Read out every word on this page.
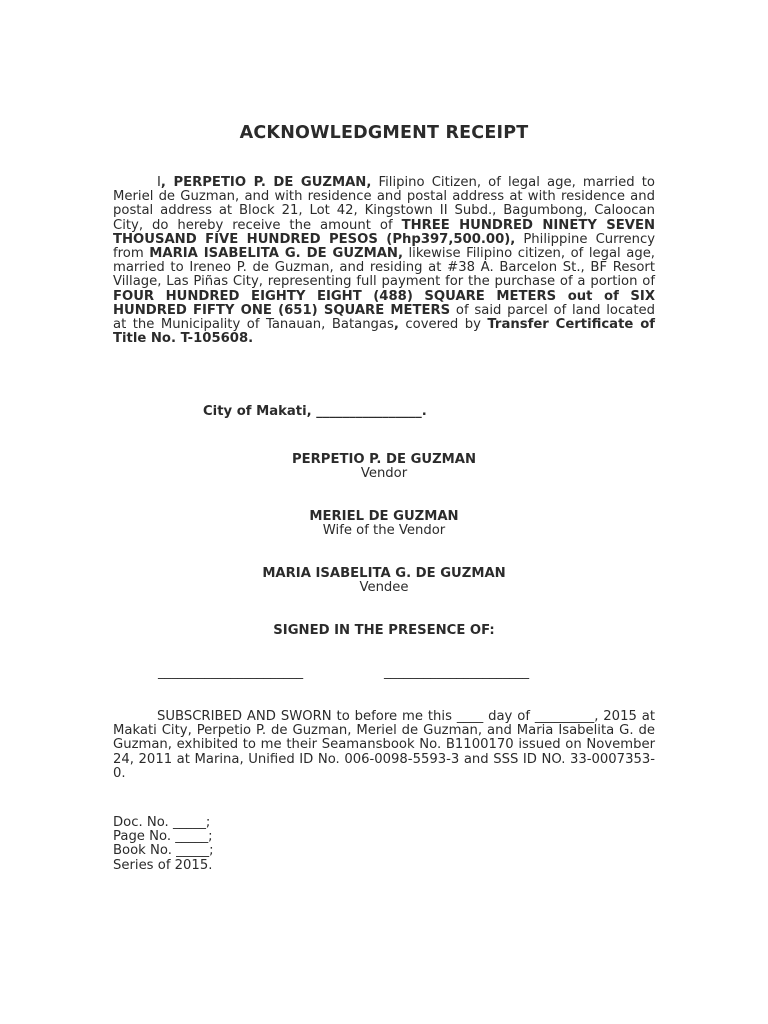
ACKNOWLEDGMENT RECEIPT
I, PERPETIO P. DE GUZMAN, Filipino Citizen, of legal age, married to Meriel de Guzman, and with residence and postal address at with residence and postal address at Block 21, Lot 42, Kingstown II Subd., Bagumbong, Caloocan City, do hereby receive the amount of THREE HUNDRED NINETY SEVEN THOUSAND FIVE HUNDRED PESOS (Php397,500.00), Philippine Currency from MARIA ISABELITA G. DE GUZMAN, likewise Filipino citizen, of legal age, married to Ireneo P. de Guzman, and residing at #38 A. Barcelon St., BF Resort Village, Las Piñas City, representing full payment for the purchase of a portion of FOUR HUNDRED EIGHTY EIGHT (488) SQUARE METERS out of SIX HUNDRED FIFTY ONE (651) SQUARE METERS of said parcel of land located at the Municipality of Tanauan, Batangas, covered by Transfer Certificate of Title No. T-105608.
City of Makati, ________________.
PERPETIO P. DE GUZMAN
Vendor
MERIEL DE GUZMAN
Wife of the Vendor
MARIA ISABELITA G. DE GUZMAN
Vendee
SIGNED IN THE PRESENCE OF:
______________________	______________________
SUBSCRIBED AND SWORN to before me this ____ day of _________, 2015 at Makati City, Perpetio P. de Guzman, Meriel de Guzman, and Maria Isabelita G. de Guzman, exhibited to me their Seamansbook No. B1100170 issued on November 24, 2011 at Marina, Unified ID No. 006-0098-5593-3 and SSS ID NO. 33-0007353-0.
Doc. No. _____;
Page No. _____;
Book No. _____;
Series of 2015.
